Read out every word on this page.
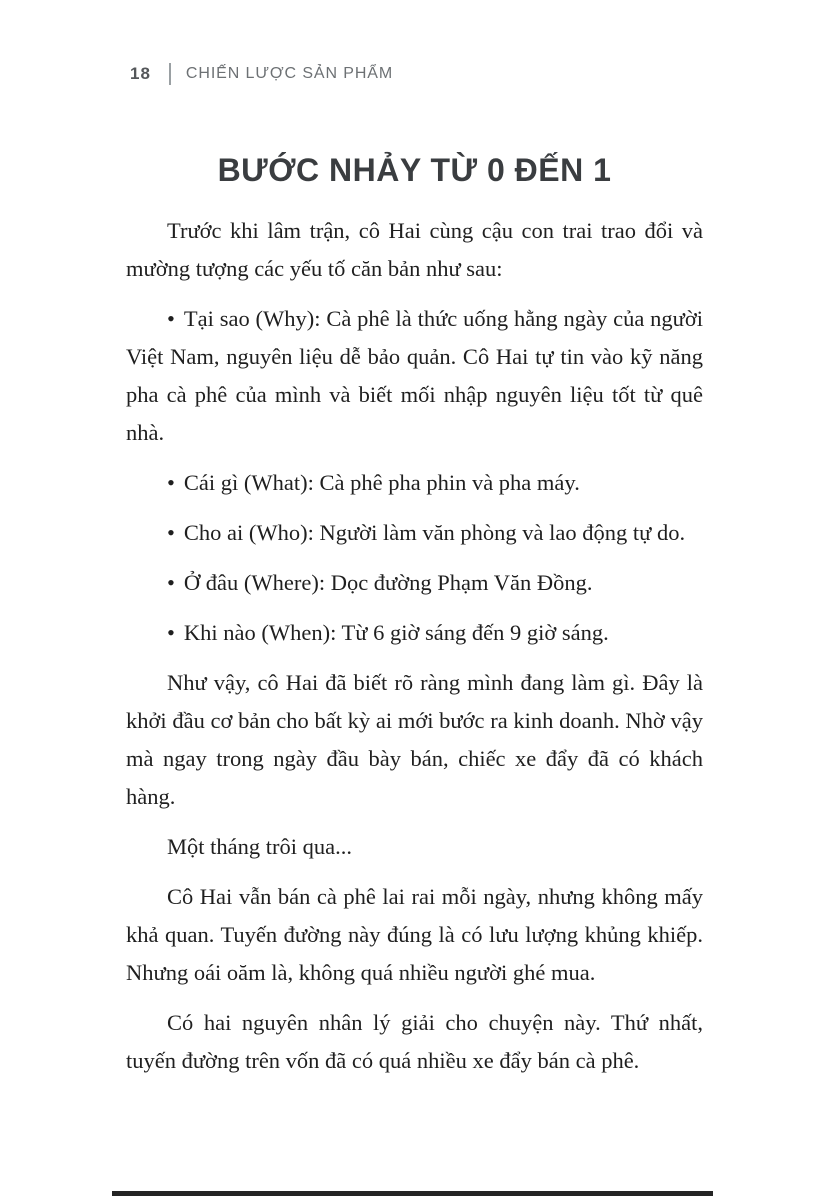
18 CHIẾN LƯỢC SẢN PHẨM
BƯỚC NHẢY TỪ 0 ĐẾN 1

Trước khi lâm trận, cô Hai cùng cậu con trai trao đổi và mường tượng các yếu tố căn bản như sau:

• Tại sao (Why): Cà phê là thức uống hằng ngày của người Việt Nam, nguyên liệu dễ bảo quản. Cô Hai tự tin vào kỹ năng pha cà phê của mình và biết mối nhập nguyên liệu tốt từ quê nhà.

• Cái gì (What): Cà phê pha phin và pha máy.

• Cho ai (Who): Người làm văn phòng và lao động tự do.

• Ở đâu (Where): Dọc đường Phạm Văn Đồng.

• Khi nào (When): Từ 6 giờ sáng đến 9 giờ sáng.

Như vậy, cô Hai đã biết rõ ràng mình đang làm gì. Đây là khởi đầu cơ bản cho bất kỳ ai mới bước ra kinh doanh. Nhờ vậy mà ngay trong ngày đầu bày bán, chiếc xe đẩy đã có khách hàng.

Một tháng trôi qua...

Cô Hai vẫn bán cà phê lai rai mỗi ngày, nhưng không mấy khả quan. Tuyến đường này đúng là có lưu lượng khủng khiếp. Nhưng oái oăm là, không quá nhiều người ghé mua.

Có hai nguyên nhân lý giải cho chuyện này. Thứ nhất, tuyến đường trên vốn đã có quá nhiều xe đẩy bán cà phê.
